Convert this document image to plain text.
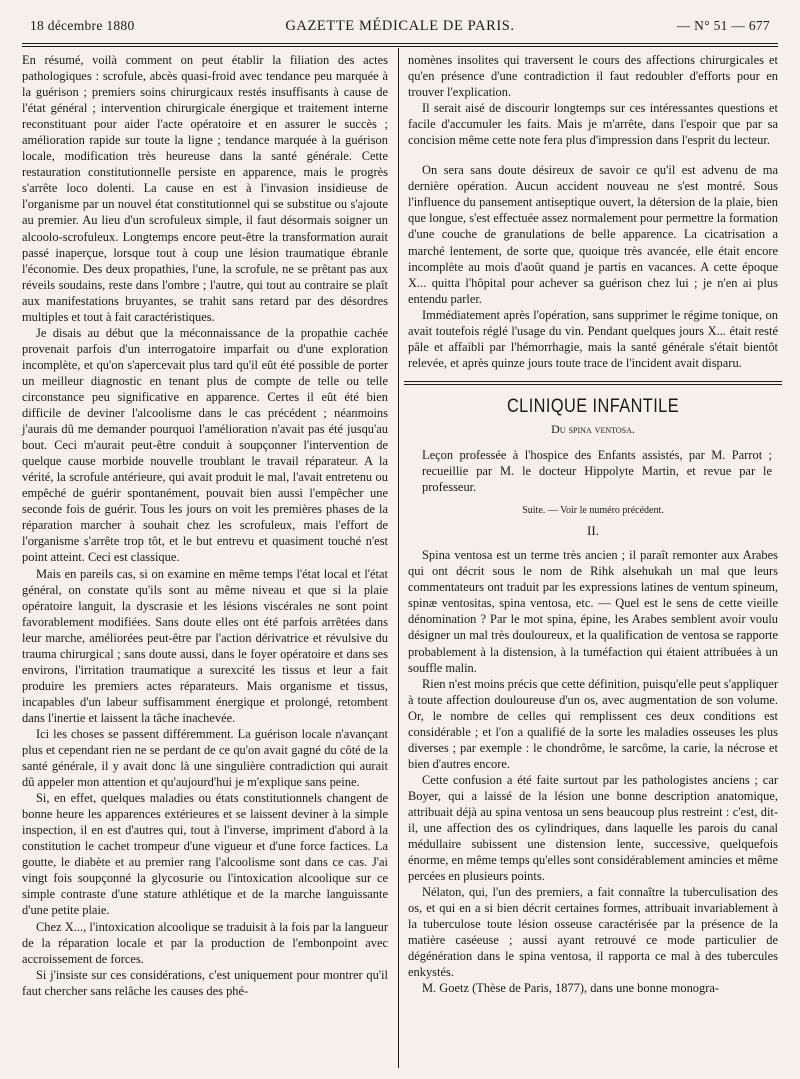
18 décembre 1880	GAZETTE MÉDICALE DE PARIS.	— N° 51 — 677

En résumé, voilà comment on peut établir la filiation des actes pathologiques : scrofule, abcès quasi-froid avec tendance peu marquée à la guérison ; premiers soins chirurgicaux restés insuffisants à cause de l'état général ; intervention chirurgicale énergique et traitement interne reconstituant pour aider l'acte opératoire et en assurer le succès ; amélioration rapide sur toute la ligne ; tendance marquée à la guérison locale, modification très heureuse dans la santé générale. Cette restauration constitutionnelle persiste en apparence, mais le progrès s'arrête loco dolenti. La cause en est à l'invasion insidieuse de l'organisme par un nouvel état constitutionnel qui se substitue ou s'ajoute au premier. Au lieu d'un scrofuleux simple, il faut désormais soigner un alcoolo-scrofuleux. Longtemps encore peut-être la transformation aurait passé inaperçue, lorsque tout à coup une lésion traumatique ébranle l'économie. Des deux propathies, l'une, la scrofule, ne se prêtant pas aux réveils soudains, reste dans l'ombre ; l'autre, qui tout au contraire se plaît aux manifestations bruyantes, se trahit sans retard par des désordres multiples et tout à fait caractéristiques.

Je disais au début que la méconnaissance de la propathie cachée provenait parfois d'un interrogatoire imparfait ou d'une exploration incomplète, et qu'on s'apercevait plus tard qu'il eût été possible de porter un meilleur diagnostic en tenant plus de compte de telle ou telle circonstance peu significative en apparence. Certes il eût été bien difficile de deviner l'alcoolisme dans le cas précédent ; néanmoins j'aurais dû me demander pourquoi l'amélioration n'avait pas été jusqu'au bout. Ceci m'aurait peut-être conduit à soupçonner l'intervention de quelque cause morbide nouvelle troublant le travail réparateur. A la vérité, la scrofule antérieure, qui avait produit le mal, l'avait entretenu ou empêché de guérir spontanément, pouvait bien aussi l'empêcher une seconde fois de guérir. Tous les jours on voit les premières phases de la réparation marcher à souhait chez les scrofuleux, mais l'effort de l'organisme s'arrête trop tôt, et le but entrevu et quasiment touché n'est point atteint. Ceci est classique.

Mais en pareils cas, si on examine en même temps l'état local et l'état général, on constate qu'ils sont au même niveau et que si la plaie opératoire languit, la dyscrasie et les lésions viscérales ne sont point favorablement modifiées. Sans doute elles ont été parfois arrêtées dans leur marche, améliorées peut-être par l'action dérivatrice et révulsive du trauma chirurgical ; sans doute aussi, dans le foyer opératoire et dans ses environs, l'irritation traumatique a surexcité les tissus et leur a fait produire les premiers actes réparateurs. Mais organisme et tissus, incapables d'un labeur suffisamment énergique et prolongé, retombent dans l'inertie et laissent la tâche inachevée.

Ici les choses se passent différemment. La guérison locale n'avançant plus et cependant rien ne se perdant de ce qu'on avait gagné du côté de la santé générale, il y avait donc là une singulière contradiction qui aurait dû appeler mon attention et qu'aujourd'hui je m'explique sans peine.

Si, en effet, quelques maladies ou états constitutionnels changent de bonne heure les apparences extérieures et se laissent deviner à la simple inspection, il en est d'autres qui, tout à l'inverse, impriment d'abord à la constitution le cachet trompeur d'une vigueur et d'une force factices. La goutte, le diabète et au premier rang l'alcoolisme sont dans ce cas. J'ai vingt fois soupçonné la glycosurie ou l'intoxication alcoolique sur ce simple contraste d'une stature athlétique et de la marche languissante d'une petite plaie.

Chez X..., l'intoxication alcoolique se traduisit à la fois par la langueur de la réparation locale et par la production de l'embonpoint avec accroissement de forces.

Si j'insiste sur ces considérations, c'est uniquement pour montrer qu'il faut chercher sans relâche les causes des phé-

nomènes insolites qui traversent le cours des affections chirurgicales et qu'en présence d'une contradiction il faut redoubler d'efforts pour en trouver l'explication.

Il serait aisé de discourir longtemps sur ces intéressantes questions et facile d'accumuler les faits. Mais je m'arrête, dans l'espoir que par sa concision même cette note fera plus d'impression dans l'esprit du lecteur.

On sera sans doute désireux de savoir ce qu'il est advenu de ma dernière opération. Aucun accident nouveau ne s'est montré. Sous l'influence du pansement antiseptique ouvert, la détersion de la plaie, bien que longue, s'est effectuée assez normalement pour permettre la formation d'une couche de granulations de belle apparence. La cicatrisation a marché lentement, de sorte que, quoique très avancée, elle était encore incomplète au mois d'août quand je partis en vacances. A cette époque X... quitta l'hôpital pour achever sa guérison chez lui ; je n'en ai plus entendu parler.

Immédiatement après l'opération, sans supprimer le régime tonique, on avait toutefois réglé l'usage du vin. Pendant quelques jours X... était resté pâle et affaibli par l'hémorrhagie, mais la santé générale s'était bientôt relevée, et après quinze jours toute trace de l'incident avait disparu.

CLINIQUE INFANTILE
Du spina ventosa.

Leçon professée à l'hospice des Enfants assistés, par M. Parrot ; recueillie par M. le docteur Hippolyte Martin, et revue par le professeur.

Suite. — Voir le numéro précédent.
II.

Spina ventosa est un terme très ancien ; il paraît remonter aux Arabes qui ont décrit sous le nom de Rihk alsehukah un mal que leurs commentateurs ont traduit par les expressions latines de ventum spineum, spinæ ventositas, spina ventosa, etc. — Quel est le sens de cette vieille dénomination ? Par le mot spina, épine, les Arabes semblent avoir voulu désigner un mal très douloureux, et la qualification de ventosa se rapporte probablement à la distension, à la tuméfaction qui étaient attribuées à un souffle malin.

Rien n'est moins précis que cette définition, puisqu'elle peut s'appliquer à toute affection douloureuse d'un os, avec augmentation de son volume. Or, le nombre de celles qui remplissent ces deux conditions est considérable ; et l'on a qualifié de la sorte les maladies osseuses les plus diverses ; par exemple : le chondrôme, le sarcôme, la carie, la nécrose et bien d'autres encore.

Cette confusion a été faite surtout par les pathologistes anciens ; car Boyer, qui a laissé de la lésion une bonne description anatomique, attribuait déjà au spina ventosa un sens beaucoup plus restreint : c'est, dit-il, une affection des os cylindriques, dans laquelle les parois du canal médullaire subissent une distension lente, successive, quelquefois énorme, en même temps qu'elles sont considérablement amincies et même percées en plusieurs points.

Nélaton, qui, l'un des premiers, a fait connaître la tuberculisation des os, et qui en a si bien décrit certaines formes, attribuait invariablement à la tuberculose toute lésion osseuse caractérisée par la présence de la matière caséeuse ; aussi ayant retrouvé ce mode particulier de dégénération dans le spina ventosa, il rapporta ce mal à des tubercules enkystés.

M. Goetz (Thèse de Paris, 1877), dans une bonne monogra-
